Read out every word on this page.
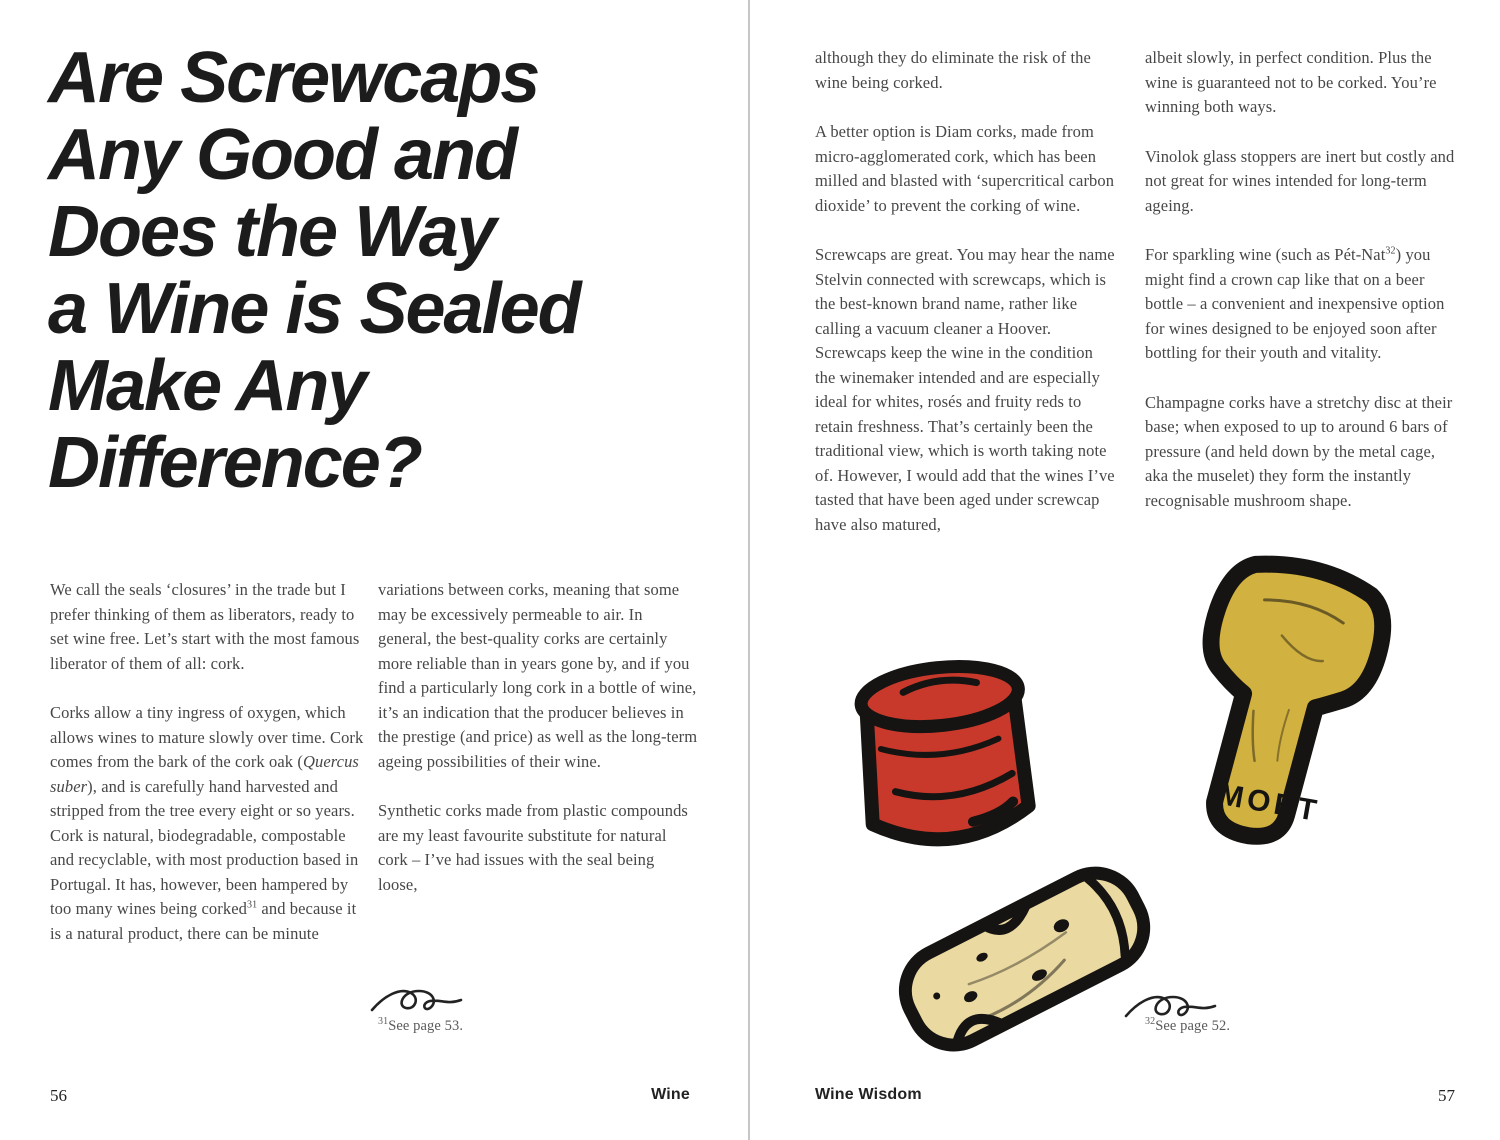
Are Screwcaps
Any Good and
Does the Way
a Wine is Sealed
Make Any
Difference?

We call the seals ‘closures’ in the trade but I prefer thinking of them as liberators, ready to set wine free. Let’s start with the most famous liberator of them of all: cork.

Corks allow a tiny ingress of oxygen, which allows wines to mature slowly over time. Cork comes from the bark of the cork oak (Quercus suber), and is carefully hand harvested and stripped from the tree every eight or so years. Cork is natural, biodegradable, compostable and recyclable, with most production based in Portugal. It has, however, been hampered by too many wines being corked$^{31}$ and because it is a natural product, there can be minute

variations between corks, meaning that some may be excessively permeable to air. In general, the best-quality corks are certainly more reliable than in years gone by, and if you find a particularly long cork in a bottle of wine, it’s an indication that the producer believes in the prestige (and price) as well as the long-term ageing possibilities of their wine.

Synthetic corks made from plastic compounds are my least favourite substitute for natural cork – I’ve had issues with the seal being loose,

$^{31}$See page 53.
56	Wine

although they do eliminate the risk of the wine being corked.

A better option is Diam corks, made from micro-agglomerated cork, which has been milled and blasted with ‘supercritical carbon dioxide’ to prevent the corking of wine.

Screwcaps are great. You may hear the name Stelvin connected with screwcaps, which is the best-known brand name, rather like calling a vacuum cleaner a Hoover. Screwcaps keep the wine in the condition the winemaker intended and are especially ideal for whites, rosés and fruity reds to retain freshness. That’s certainly been the traditional view, which is worth taking note of. However, I would add that the wines I’ve tasted that have been aged under screwcap have also matured,

albeit slowly, in perfect condition. Plus the wine is guaranteed not to be corked. You’re winning both ways.

Vinolok glass stoppers are inert but costly and not great for wines intended for long-term ageing.

For sparkling wine (such as Pét-Nat$^{32}$) you might find a crown cap like that on a beer bottle – a convenient and inexpensive option for wines designed to be enjoyed soon after bottling for their youth and vitality.

Champagne corks have a stretchy disc at their base; when exposed to up to around 6 bars of pressure (and held down by the metal cage, aka the muselet) they form the instantly recognisable mushroom shape.

MOET
$^{32}$See page 52.
Wine Wisdom	57
